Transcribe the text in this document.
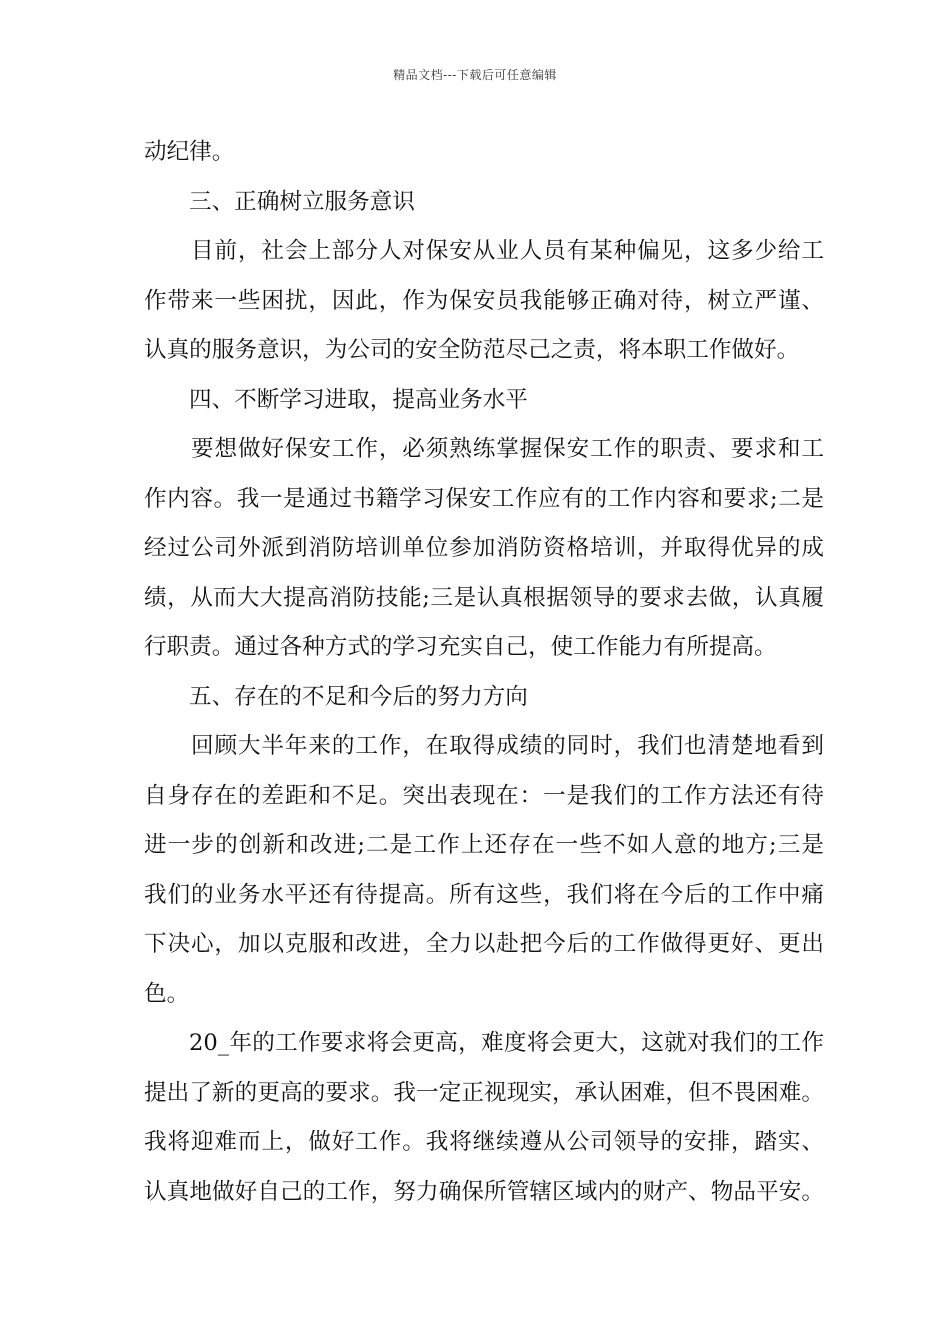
精品文档---下载后可任意编辑
动纪律。
三、正确树立服务意识
目前，社会上部分人对保安从业人员有某种偏见，这多少给工
作带来一些困扰，因此，作为保安员我能够正确对待，树立严谨、
认真的服务意识，为公司的安全防范尽己之责，将本职工作做好。
四、不断学习进取，提高业务水平
要想做好保安工作，必须熟练掌握保安工作的职责、要求和工
作内容。我一是通过书籍学习保安工作应有的工作内容和要求;二是
经过公司外派到消防培训单位参加消防资格培训，并取得优异的成
绩，从而大大提高消防技能;三是认真根据领导的要求去做，认真履
行职责。通过各种方式的学习充实自己，使工作能力有所提高。
五、存在的不足和今后的努力方向
回顾大半年来的工作，在取得成绩的同时，我们也清楚地看到
自身存在的差距和不足。突出表现在：一是我们的工作方法还有待
进一步的创新和改进;二是工作上还存在一些不如人意的地方;三是
我们的业务水平还有待提高。所有这些，我们将在今后的工作中痛
下决心，加以克服和改进，全力以赴把今后的工作做得更好、更出
色。
20_年的工作要求将会更高，难度将会更大，这就对我们的工作
提出了新的更高的要求。我一定正视现实，承认困难，但不畏困难。
我将迎难而上，做好工作。我将继续遵从公司领导的安排，踏实、
认真地做好自己的工作，努力确保所管辖区域内的财产、物品平安。
